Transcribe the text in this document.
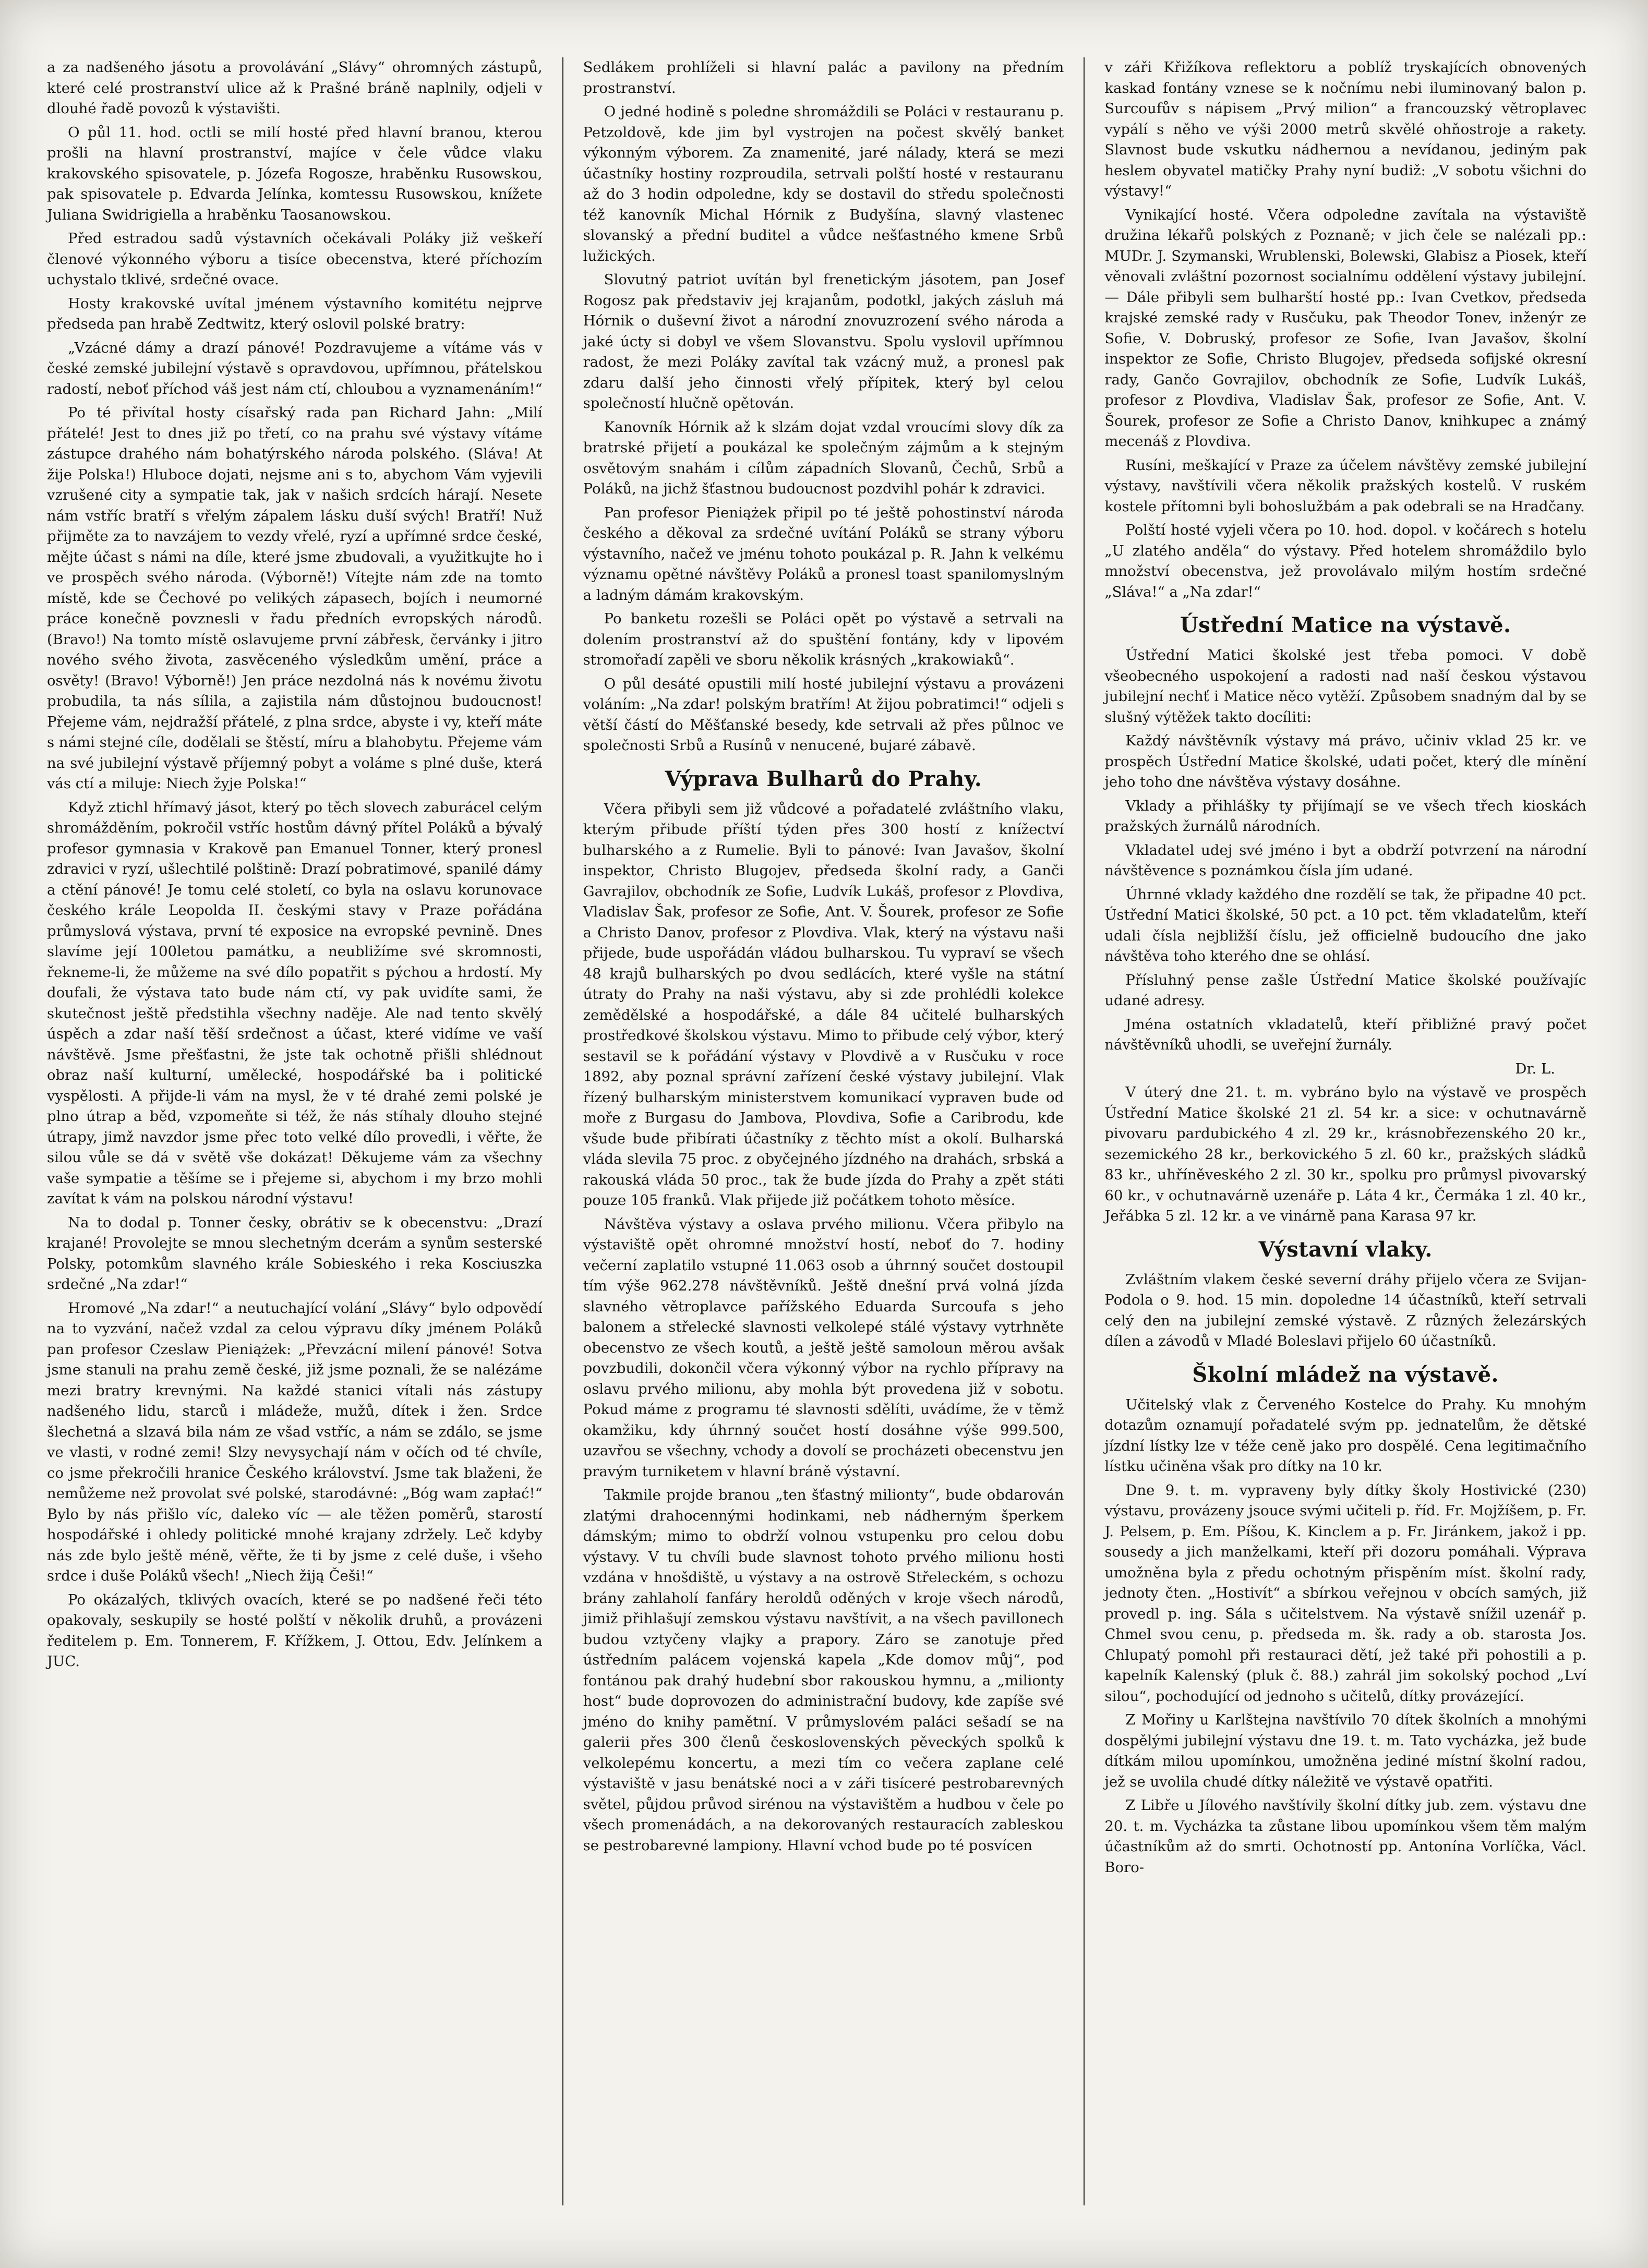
a za nadšeného jásotu a provolávání „Slávy“ ohromných zástupů, které celé prostranství ulice až k Prašné bráně naplnily, odjeli v dlouhé řadě povozů k výstavišti.

O půl 11. hod. octli se milí hosté před hlavní branou, kterou prošli na hlavní prostranství, majíce v čele vůdce vlaku krakovského spisovatele, p. Józefa Rogosze, hraběnku Rusowskou, pak spisovatele p. Edvarda Jelínka, komtessu Rusowskou, knížete Juliana Swidrigiella a hraběnku Taosanowskou.

Před estradou sadů výstavních očekávali Poláky již veškeří členové výkonného výboru a tisíce obecenstva, které příchozím uchystalo tklivé, srdečné ovace.

Hosty krakovské uvítal jménem výstavního komitétu nejprve předseda pan hrabě Zedtwitz, který oslovil polské bratry:

„Vzácné dámy a drazí pánové! Pozdravujeme a vítáme vás v české zemské jubilejní výstavě s opravdovou, upřímnou, přátelskou radostí, neboť příchod váš jest nám ctí, chloubou a vyznamenáním!“

Po té přivítal hosty císařský rada pan Richard Jahn: „Milí přátelé! Jest to dnes již po třetí, co na prahu své výstavy vítáme zástupce drahého nám bohatýrského národa polského. (Sláva! At žije Polska!) Hluboce dojati, nejsme ani s to, abychom Vám vyjevili vzrušené city a sympatie tak, jak v našich srdcích hárají. Nesete nám vstříc bratří s vřelým zápalem lásku duší svých! Bratří! Nuž přijměte za to navzájem to vezdy vřelé, ryzí a upřímné srdce české, mějte účast s námi na díle, které jsme zbudovali, a využitkujte ho i ve prospěch svého národa. (Výborně!) Vítejte nám zde na tomto místě, kde se Čechové po velikých zápasech, bojích i neumorné práce konečně povznesli v řadu předních evropských národů. (Bravo!) Na tomto místě oslavujeme první zábřesk, červánky i jitro nového svého života, zasvěceného výsledkům umění, práce a osvěty! (Bravo! Výborně!) Jen práce nezdolná nás k novému životu probudila, ta nás sílila, a zajistila nám důstojnou budoucnost! Přejeme vám, nejdražší přátelé, z plna srdce, abyste i vy, kteří máte s námi stejné cíle, dodělali se štěstí, míru a blahobytu. Přejeme vám na své jubilejní výstavě příjemný pobyt a voláme s plné duše, která vás ctí a miluje: Niech žyje Polska!“

Když ztichl hřímavý jásot, který po těch slovech zaburácel celým shromážděním, pokročil vstříc hostům dávný přítel Poláků a bývalý profesor gymnasia v Krakově pan Emanuel Tonner, který pronesl zdravici v ryzí, ušlechtilé polštině: Drazí pobratimové, spanilé dámy a ctění pánové! Je tomu celé století, co byla na oslavu korunovace českého krále Leopolda II. českými stavy v Praze pořádána průmyslová výstava, první té exposice na evropské pevnině. Dnes slavíme její 100letou památku, a neubližíme své skromnosti, řekneme-li, že můžeme na své dílo popatřit s pýchou a hrdostí. My doufali, že výstava tato bude nám ctí, vy pak uvidíte sami, že skutečnost ještě předstihla všechny naděje. Ale nad tento skvělý úspěch a zdar naší těší srdečnost a účast, které vidíme ve vaší návštěvě. Jsme přešťastni, že jste tak ochotně přišli shlédnout obraz naší kulturní, umělecké, hospodářské ba i politické vyspělosti. A přijde-li vám na mysl, že v té drahé zemi polské je plno útrap a běd, vzpomeňte si též, že nás stíhaly dlouho stejné útrapy, jimž navzdor jsme přec toto velké dílo provedli, i věřte, že silou vůle se dá v světě vše dokázat! Děkujeme vám za všechny vaše sympatie a těšíme se i přejeme si, abychom i my brzo mohli zavítat k vám na polskou národní výstavu!

Na to dodal p. Tonner česky, obrátiv se k obecenstvu: „Drazí krajané! Provolejte se mnou slechetným dcerám a synům sesterské Polsky, potomkům slavného krále Sobieského i reka Kosciuszka srdečné „Na zdar!“

Hromové „Na zdar!“ a neutuchající volání „Slávy“ bylo odpovědí na to vyzvání, načež vzdal za celou výpravu díky jménem Poláků pan profesor Czeslaw Pieniążek: „Převzácní milení pánové! Sotva jsme stanuli na prahu země české, již jsme poznali, že se nalézáme mezi bratry krevnými. Na každé stanici vítali nás zástupy nadšeného lidu, starců i mládeže, mužů, dítek i žen. Srdce šlechetná a slzavá bila nám ze všad vstříc, a nám se zdálo, se jsme ve vlasti, v rodné zemi! Slzy nevysychají nám v očích od té chvíle, co jsme překročili hranice Českého království. Jsme tak blaženi, že nemůžeme než provolat své polské, starodávné: „Bóg wam zapłać!“ Bylo by nás přišlo víc, daleko víc — ale těžen poměrů, starostí hospodářské i ohledy politické mnohé krajany zdržely. Leč kdyby nás zde bylo ještě méně, věřte, že ti by jsme z celé duše, i všeho srdce i duše Poláků všech! „Niech žiją Češi!“

Po okázalých, tklivých ovacích, které se po nadšené řeči této opakovaly, seskupily se hosté polští v několik druhů, a provázeni ředitelem p. Em. Tonnerem, F. Křížkem, J. Ottou, Edv. Jelínkem a JUC.

Sedlákem prohlíželi si hlavní palác a pavilony na předním prostranství.

O jedné hodině s poledne shromáždili se Poláci v restauranu p. Petzoldově, kde jim byl vystrojen na počest skvělý banket výkonným výborem. Za znamenité, jaré nálady, která se mezi účastníky hostiny rozproudila, setrvali polští hosté v restauranu až do 3 hodin odpoledne, kdy se dostavil do středu společnosti též kanovník Michal Hórnik z Budyšína, slavný vlastenec slovanský a přední buditel a vůdce nešťastného kmene Srbů lužických.

Slovutný patriot uvítán byl frenetickým jásotem, pan Josef Rogosz pak představiv jej krajanům, podotkl, jakých zásluh má Hórnik o duševní život a národní znovuzrození svého národa a jaké úcty si dobyl ve všem Slovanstvu. Spolu vyslovil upřímnou radost, že mezi Poláky zavítal tak vzácný muž, a pronesl pak zdaru další jeho činnosti vřelý přípitek, který byl celou společností hlučně opětován.

Kanovník Hórnik až k slzám dojat vzdal vroucími slovy dík za bratrské přijetí a poukázal ke společným zájmům a k stejným osvětovým snahám i cílům západních Slovanů, Čechů, Srbů a Poláků, na jichž šťastnou budoucnost pozdvihl pohár k zdravici.

Pan profesor Pieniążek připil po té ještě pohostinství národa českého a děkoval za srdečné uvítání Poláků se strany výboru výstavního, načež ve jménu tohoto poukázal p. R. Jahn k velkému významu opětné návštěvy Poláků a pronesl toast spanilomyslným a ladným dámám krakovským.

Po banketu rozešli se Poláci opět po výstavě a setrvali na dolením prostranství až do spuštění fontány, kdy v lipovém stromořadí zapěli ve sboru několik krásných „krakowiaků“.

O půl desáté opustili milí hosté jubilejní výstavu a provázeni voláním: „Na zdar! polským bratřím! At žijou pobratimci!“ odjeli s větší částí do Měšťanské besedy, kde setrvali až přes půlnoc ve společnosti Srbů a Rusínů v nenucené, bujaré zábavě.

Výprava Bulharů do Prahy.

Včera přibyli sem již vůdcové a pořadatelé zvláštního vlaku, kterým přibude příští týden přes 300 hostí z knížectví bulharského a z Rumelie. Byli to pánové: Ivan Javašov, školní inspektor, Christo Blugojev, předseda školní rady, a Ganči Gavrajilov, obchodník ze Sofie, Ludvík Lukáš, profesor z Plovdiva, Vladislav Šak, profesor ze Sofie, Ant. V. Šourek, profesor ze Sofie a Christo Danov, profesor z Plovdiva. Vlak, který na výstavu naši přijede, bude uspořádán vládou bulharskou. Tu vypraví se všech 48 krajů bulharských po dvou sedlácích, které vyšle na státní útraty do Prahy na naši výstavu, aby si zde prohlédli kolekce zemědělské a hospodářské, a dále 84 učitelé bulharských prostředkové školskou výstavu. Mimo to přibude celý výbor, který sestavil se k pořádání výstavy v Plovdivě a v Rusčuku v roce 1892, aby poznal správní zařízení české výstavy jubilejní. Vlak řízený bulharským ministerstvem komunikací vypraven bude od moře z Burgasu do Jambova, Plovdiva, Sofie a Caribrodu, kde všude bude přibírati účastníky z těchto míst a okolí. Bulharská vláda slevila 75 proc. z obyčejného jízdného na drahách, srbská a rakouská vláda 50 proc., tak že bude jízda do Prahy a zpět státi pouze 105 franků. Vlak přijede již počátkem tohoto měsíce.

Návštěva výstavy a oslava prvého milionu. Včera přibylo na výstaviště opět ohromné množství hostí, neboť do 7. hodiny večerní zaplatilo vstupné 11.063 osob a úhrnný součet dostoupil tím výše 962.278 návštěvníků. Ještě dnešní prvá volná jízda slavného větroplavce pařížského Eduarda Surcoufa s jeho balonem a střelecké slavnosti velkolepé stálé výstavy vytrhněte obecenstvo ze všech koutů, a ještě ještě samoloun měrou avšak povzbudili, dokončil včera výkonný výbor na rychlo přípravy na oslavu prvého milionu, aby mohla být provedena již v sobotu. Pokud máme z programu té slavnosti sdělíti, uvádíme, že v těmž okamžiku, kdy úhrnný součet hostí dosáhne výše 999.500, uzavřou se všechny, vchody a dovolí se procházeti obecenstvu jen pravým turniketem v hlavní bráně výstavní.

Takmile projde branou „ten šťastný milionty“, bude obdarován zlatými drahocennými hodinkami, neb nádherným šperkem dámským; mimo to obdrží volnou vstupenku pro celou dobu výstavy. V tu chvíli bude slavnost tohoto prvého milionu hosti vzdána v hnošdiště, u výstavy a na ostrově Střeleckém, s ochozu brány zahlaholí fanfáry heroldů oděných v kroje všech národů, jimiž přihlašují zemskou výstavu navštívit, a na všech pavillonech budou vztyčeny vlajky a prapory. Záro se zanotuje před ústředním palácem vojenská kapela „Kde domov můj“, pod fontánou pak drahý hudební sbor rakouskou hymnu, a „milionty host“ bude doprovozen do administrační budovy, kde zapíše své jméno do knihy pamětní. V průmyslovém paláci sešadí se na galerii přes 300 členů československých pěveckých spolků k velkolepému koncertu, a mezi tím co večera zaplane celé výstaviště v jasu benátské noci a v záři tisíceré pestrobarevných světel, půjdou průvod sirénou na výstavištěm a hudbou v čele po všech promenádách, a na dekorovaných restauracích zableskou se pestrobarevné lampiony. Hlavní vchod bude po té posvícen

v záři Křižíkova reflektoru a poblíž tryskajících obnovených kaskad fontány vznese se k nočnímu nebi iluminovaný balon p. Surcoufův s nápisem „Prvý milion“ a francouzský větroplavec vypálí s něho ve výši 2000 metrů skvělé ohňostroje a rakety. Slavnost bude vskutku nádhernou a nevídanou, jediným pak heslem obyvatel matičky Prahy nyní budiž: „V sobotu všichni do výstavy!“

Vynikající hosté. Včera odpoledne zavítala na výstaviště družina lékařů polských z Poznaně; v jich čele se nalézali pp.: MUDr. J. Szymanski, Wrublenski, Bolewski, Glabisz a Piosek, kteří věnovali zvláštní pozornost socialnímu oddělení výstavy jubilejní. — Dále přibyli sem bulharští hosté pp.: Ivan Cvetkov, předseda krajské zemské rady v Rusčuku, pak Theodor Tonev, inženýr ze Sofie, V. Dobruský, profesor ze Sofie, Ivan Javašov, školní inspektor ze Sofie, Christo Blugojev, předseda sofijské okresní rady, Gančo Govrajilov, obchodník ze Sofie, Ludvík Lukáš, profesor z Plovdiva, Vladislav Šak, profesor ze Sofie, Ant. V. Šourek, profesor ze Sofie a Christo Danov, knihkupec a známý mecenáš z Plovdiva.

Rusíni, meškající v Praze za účelem návštěvy zemské jubilejní výstavy, navštívili včera několik pražských kostelů. V ruském kostele přítomni byli bohoslužbám a pak odebrali se na Hradčany.

Polští hosté vyjeli včera po 10. hod. dopol. v kočárech s hotelu „U zlatého anděla“ do výstavy. Před hotelem shromáždilo bylo množství obecenstva, jež provolávalo milým hostím srdečné „Sláva!“ a „Na zdar!“

Ústřední Matice na výstavě.

Ústřední Matici školské jest třeba pomoci. V době všeobecného uspokojení a radosti nad naší českou výstavou jubilejní nechť i Matice něco vytěží. Způsobem snadným dal by se slušný výtěžek takto docíliti:

Každý návštěvník výstavy má právo, učiniv vklad 25 kr. ve prospěch Ústřední Matice školské, udati počet, který dle mínění jeho toho dne návštěva výstavy dosáhne.

Vklady a přihlášky ty přijímají se ve všech třech kioskách pražských žurnálů národních.

Vkladatel udej své jméno i byt a obdrží potvrzení na národní návštěvence s poznámkou čísla jím udané.

Úhrnné vklady každého dne rozdělí se tak, že připadne 40 pct. Ústřední Matici školské, 50 pct. a 10 pct. těm vkladatelům, kteří udali čísla nejbližší číslu, jež officielně budoucího dne jako návštěva toho kterého dne se ohlásí.

Přísluhný pense zašle Ústřední Matice školské používajíc udané adresy.

Jména ostatních vkladatelů, kteří přibližné pravý počet návštěvníků uhodli, se uveřejní žurnály.

Dr. L.

V úterý dne 21. t. m. vybráno bylo na výstavě ve prospěch Ústřední Matice školské 21 zl. 54 kr. a sice: v ochutnavárně pivovaru pardubického 4 zl. 29 kr., krásnobřezenského 20 kr., sezemického 28 kr., berkovického 5 zl. 60 kr., pražských sládků 83 kr., uhříněveského 2 zl. 30 kr., spolku pro průmysl pivovarský 60 kr., v ochutnavárně uzenáře p. Láta 4 kr., Čermáka 1 zl. 40 kr., Jeřábka 5 zl. 12 kr. a ve vinárně pana Karasa 97 kr.

Výstavní vlaky.

Zvláštním vlakem české severní dráhy přijelo včera ze Svijan-Podola o 9. hod. 15 min. dopoledne 14 účastníků, kteří setrvali celý den na jubilejní zemské výstavě. Z různých železárských dílen a závodů v Mladé Boleslavi přijelo 60 účastníků.

Školní mládež na výstavě.

Učitelský vlak z Červeného Kostelce do Prahy. Ku mnohým dotazům oznamují pořadatelé svým pp. jednatelům, že dětské jízdní lístky lze v téže ceně jako pro dospělé. Cena legitimačního lístku učiněna však pro dítky na 10 kr.

Dne 9. t. m. vypraveny byly dítky školy Hostivické (230) výstavu, provázeny jsouce svými učiteli p. říd. Fr. Mojžíšem, p. Fr. J. Pelsem, p. Em. Píšou, K. Kinclem a p. Fr. Jiránkem, jakož i pp. sousedy a jich manželkami, kteří při dozoru pomáhali. Výprava umožněna byla z předu ochotným přispěním míst. školní rady, jednoty čten. „Hostivít“ a sbírkou veřejnou v obcích samých, již provedl p. ing. Sála s učitelstvem. Na výstavě snížil uzenář p. Chmel svou cenu, p. předseda m. šk. rady a ob. starosta Jos. Chlupatý pomohl při restauraci dětí, jež také při pohostili a p. kapelník Kalenský (pluk č. 88.) zahrál jim sokolský pochod „Lví silou“, pochodující od jednoho s učitelů, dítky provázející.

Z Mořiny u Karlštejna navštívilo 70 dítek školních a mnohými dospělými jubilejní výstavu dne 19. t. m. Tato vycházka, jež bude dítkám milou upomínkou, umožněna jediné místní školní radou, jež se uvolila chudé dítky náležitě ve výstavě opatřiti.

Z Libře u Jílového navštívily školní dítky jub. zem. výstavu dne 20. t. m. Vycházka ta zůstane libou upomínkou všem těm malým účastníkům až do smrti. Ochotností pp. Antonína Vorlíčka, Václ. Boro-
